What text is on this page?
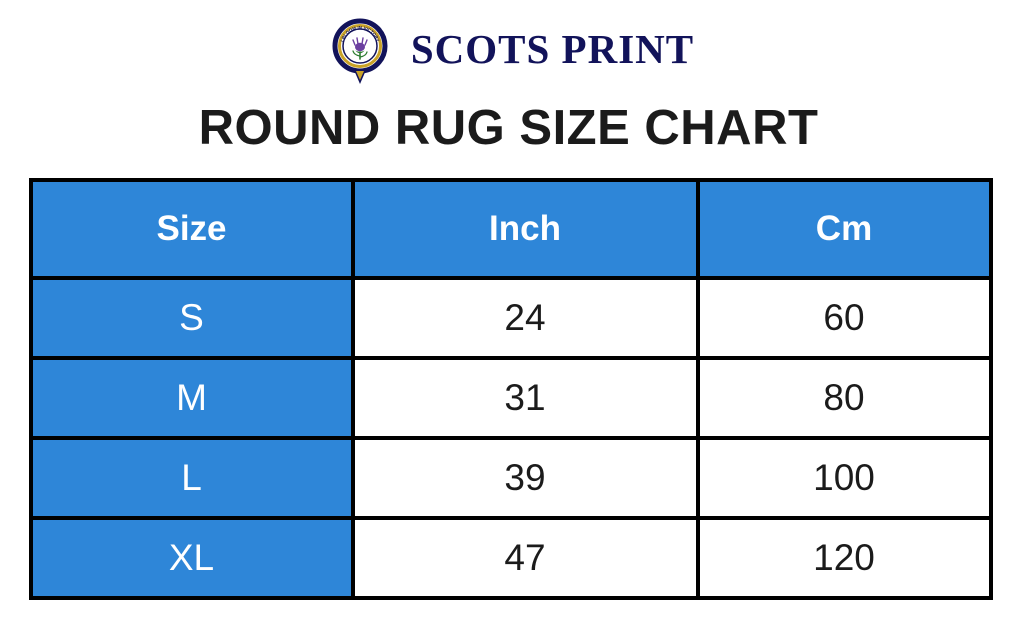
I BLOOM IN VICTORY SCOTS PRINT
ROUND RUG SIZE CHART
Size	Inch	Cm
S	24	60
M	31	80
L	39	100
XL	47	120
